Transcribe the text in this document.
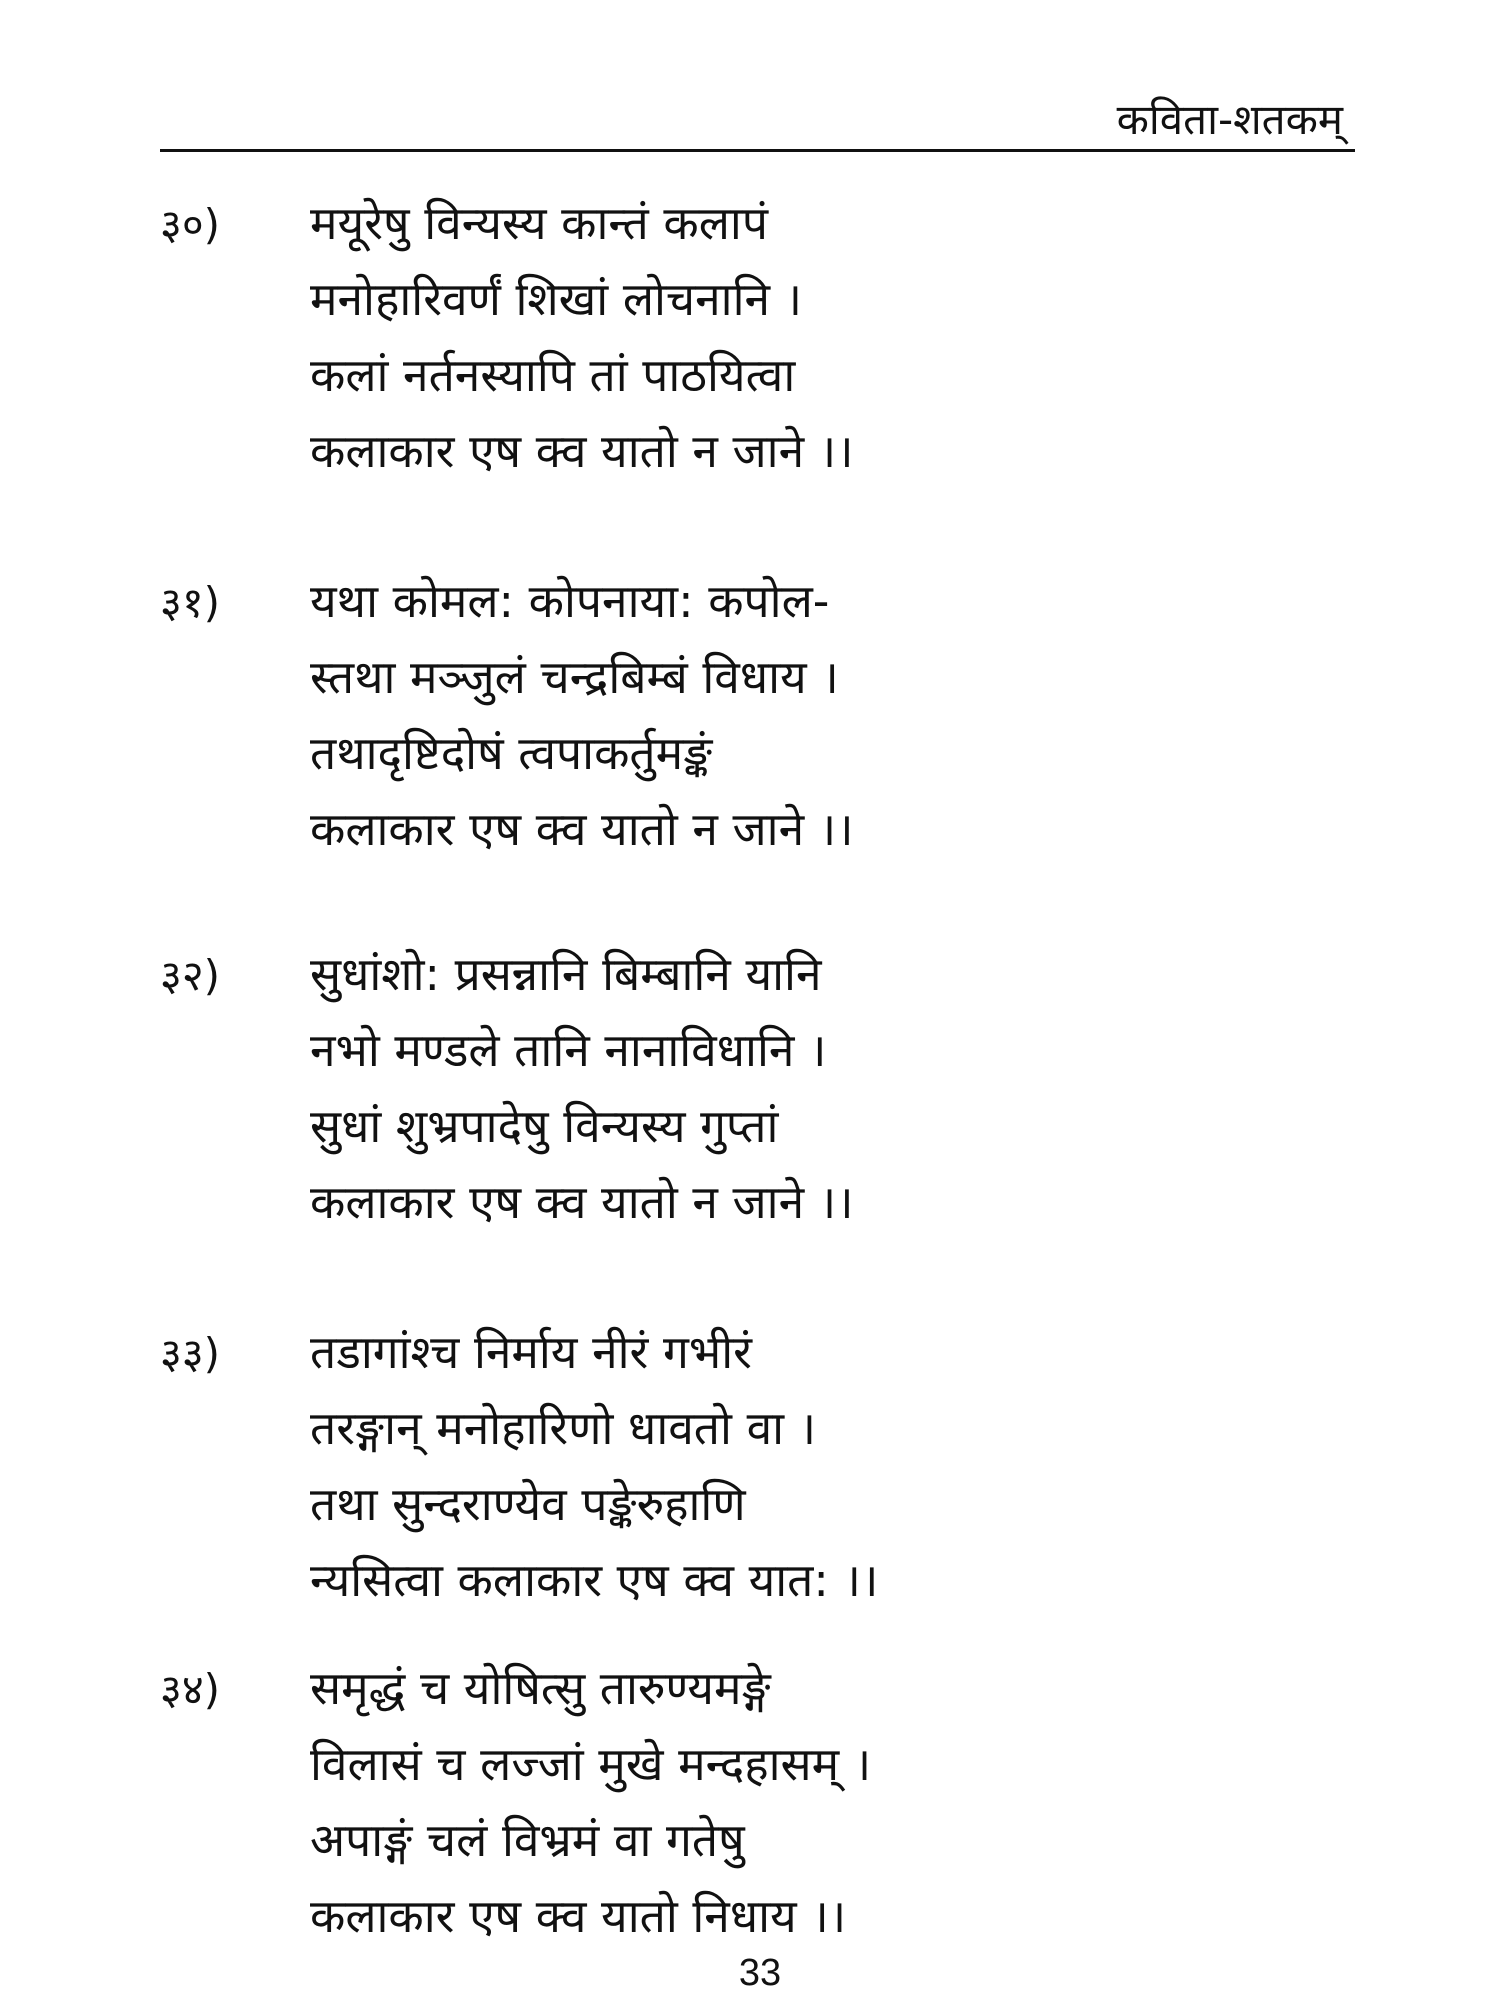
कविता-शतकम्
३०) मयूरेषु विन्यस्य कान्तं कलापं
मनोहारिवर्णं शिखां लोचनानि ।
कलां नर्तनस्यापि तां पाठयित्वा
कलाकार एष क्व यातो न जाने ।।
३१) यथा कोमल: कोपनाया: कपोल-
स्तथा मञ्जुलं चन्द्रबिम्बं विधाय ।
तथादृष्टिदोषं त्वपाकर्तुमङ्कं
कलाकार एष क्व यातो न जाने ।।
३२) सुधांशो: प्रसन्नानि बिम्बानि यानि
नभो मण्डले तानि नानाविधानि ।
सुधां शुभ्रपादेषु विन्यस्य गुप्तां
कलाकार एष क्व यातो न जाने ।।
३३) तडागांश्च निर्माय नीरं गभीरं
तरङ्गान् मनोहारिणो धावतो वा ।
तथा सुन्दराण्येव पङ्केरुहाणि
न्यसित्वा कलाकार एष क्व यात: ।।
३४) समृद्धं च योषित्सु तारुण्यमङ्गे
विलासं च लज्जां मुखे मन्दहासम् ।
अपाङ्गं चलं विभ्रमं वा गतेषु
कलाकार एष क्व यातो निधाय ।।
33
